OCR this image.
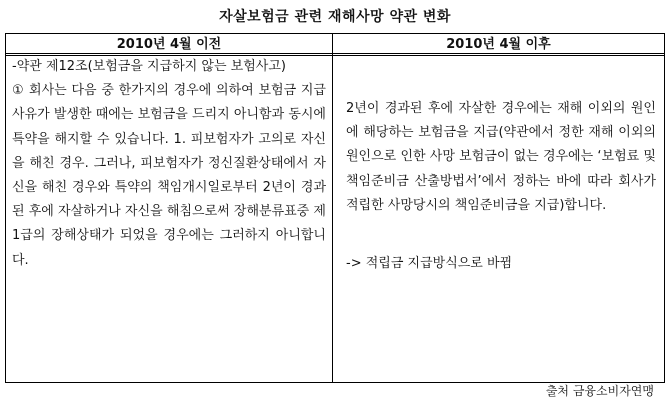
자살보험금 관련 재해사망 약관 변화
2010년 4월 이전	2010년 4월 이후

-약관 제12조(보험금을 지급하지 않는 보험사고)

① 회사는 다음 중 한가지의 경우에 의하여 보험금 지급사유가 발생한 때에는 보험금을 드리지 아니함과 동시에 특약을 해지할 수 있습니다. 1. 피보험자가 고의로 자신을 해친 경우. 그러나, 피보험자가 정신질환상태에서 자신을 해친 경우와 특약의 책임개시일로부터 2년이 경과된 후에 자살하거나 자신을 해침으로써 장해분류표중 제1급의 장해상태가 되었을 경우에는 그러하지 아니합니다.

2년이 경과된 후에 자살한 경우에는 재해 이외의 원인에 해당하는 보험금을 지급(약관에서 정한 재해 이외의 원인으로 인한 사망 보험금이 없는 경우에는 ‘보험료 및 책임준비금 산출방법서’에서 정하는 바에 따라 회사가 적립한 사망당시의 책임준비금을 지급)합니다.

-> 적립금 지급방식으로 바뀜

출처 금융소비자연맹
